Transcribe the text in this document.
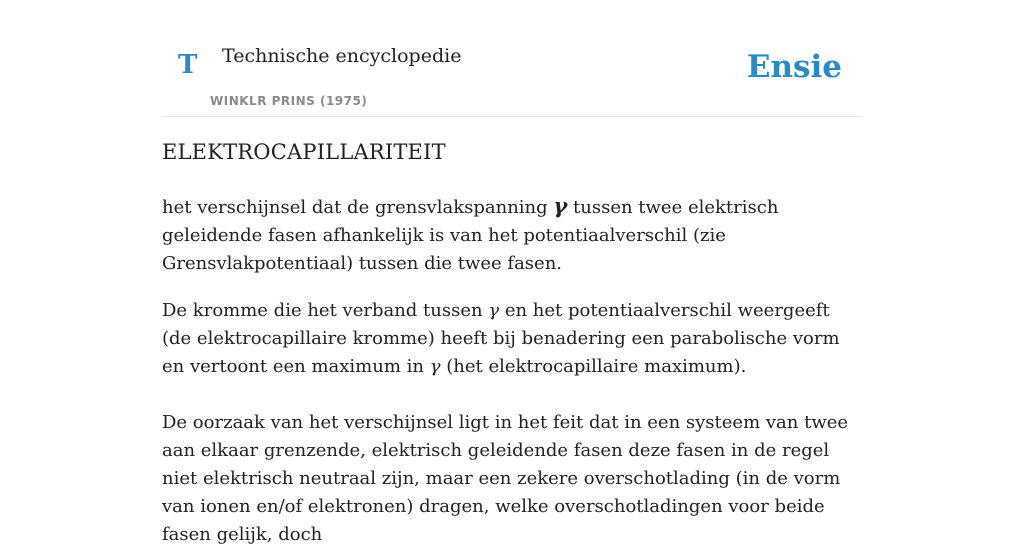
T Technische encyclopedie
WINKLR PRINS (1975)
Ensie
ELEKTROCAPILLARITEIT

het verschijnsel dat de grensvlakspanning γ tussen twee elektrisch geleidende fasen afhankelijk is van het potentiaalverschil (zie Grensvlakpotentiaal) tussen die twee fasen.

De kromme die het verband tussen γ en het potentiaalverschil weergeeft (de elektrocapillaire kromme) heeft bij benadering een parabolische vorm en vertoont een maximum in γ (het elektrocapillaire maximum).

De oorzaak van het verschijnsel ligt in het feit dat in een systeem van twee aan elkaar grenzende, elektrisch geleidende fasen deze fasen in de regel niet elektrisch neutraal zijn, maar een zekere overschotlading (in de vorm van ionen en/of elektronen) dragen, welke overschotladingen voor beide fasen gelijk, doch
